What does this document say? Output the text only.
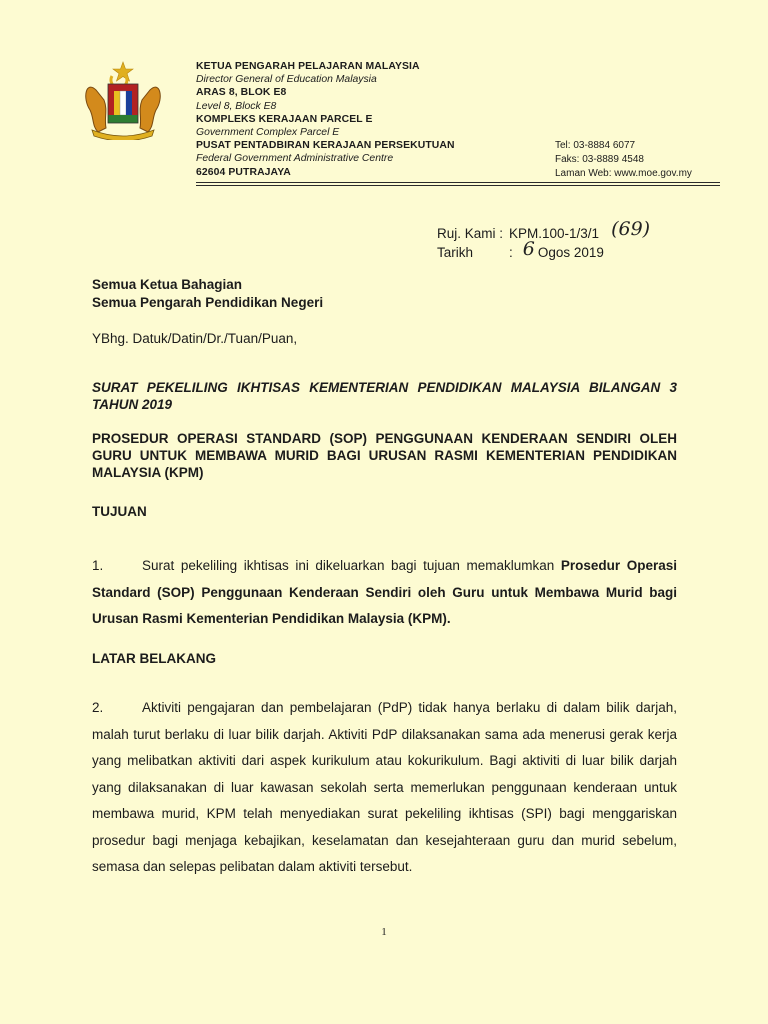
KETUA PENGARAH PELAJARAN MALAYSIA
Director General of Education Malaysia
ARAS 8, BLOK E8
Level 8, Block E8
KOMPLEKS KERAJAAN PARCEL E
Government Complex Parcel E
PUSAT PENTADBIRAN KERAJAAN PERSEKUTUAN
Federal Government Administrative Centre
62604 PUTRAJAYA
Tel: 03-8884 6077
Faks: 03-8889 4548
Laman Web: www.moe.gov.my
Ruj. Kami : KPM.100-1/3/1 (69)
Tarikh	: 6 Ogos 2019
Semua Ketua Bahagian
Semua Pengarah Pendidikan Negeri
YBhg. Datuk/Datin/Dr./Tuan/Puan,
SURAT PEKELILING IKHTISAS KEMENTERIAN PENDIDIKAN MALAYSIA BILANGAN 3 TAHUN 2019
PROSEDUR OPERASI STANDARD (SOP) PENGGUNAAN KENDERAAN SENDIRI OLEH GURU UNTUK MEMBAWA MURID BAGI URUSAN RASMI KEMENTERIAN PENDIDIKAN MALAYSIA (KPM)
TUJUAN
1.	Surat pekeliling ikhtisas ini dikeluarkan bagi tujuan memaklumkan Prosedur Operasi Standard (SOP) Penggunaan Kenderaan Sendiri oleh Guru untuk Membawa Murid bagi Urusan Rasmi Kementerian Pendidikan Malaysia (KPM).
LATAR BELAKANG
2.	Aktiviti pengajaran dan pembelajaran (PdP) tidak hanya berlaku di dalam bilik darjah, malah turut berlaku di luar bilik darjah. Aktiviti PdP dilaksanakan sama ada menerusi gerak kerja yang melibatkan aktiviti dari aspek kurikulum atau kokurikulum. Bagi aktiviti di luar bilik darjah yang dilaksanakan di luar kawasan sekolah serta memerlukan penggunaan kenderaan untuk membawa murid, KPM telah menyediakan surat pekeliling ikhtisas (SPI) bagi menggariskan prosedur bagi menjaga kebajikan, keselamatan dan kesejahteraan guru dan murid sebelum, semasa dan selepas pelibatan dalam aktiviti tersebut.
1
